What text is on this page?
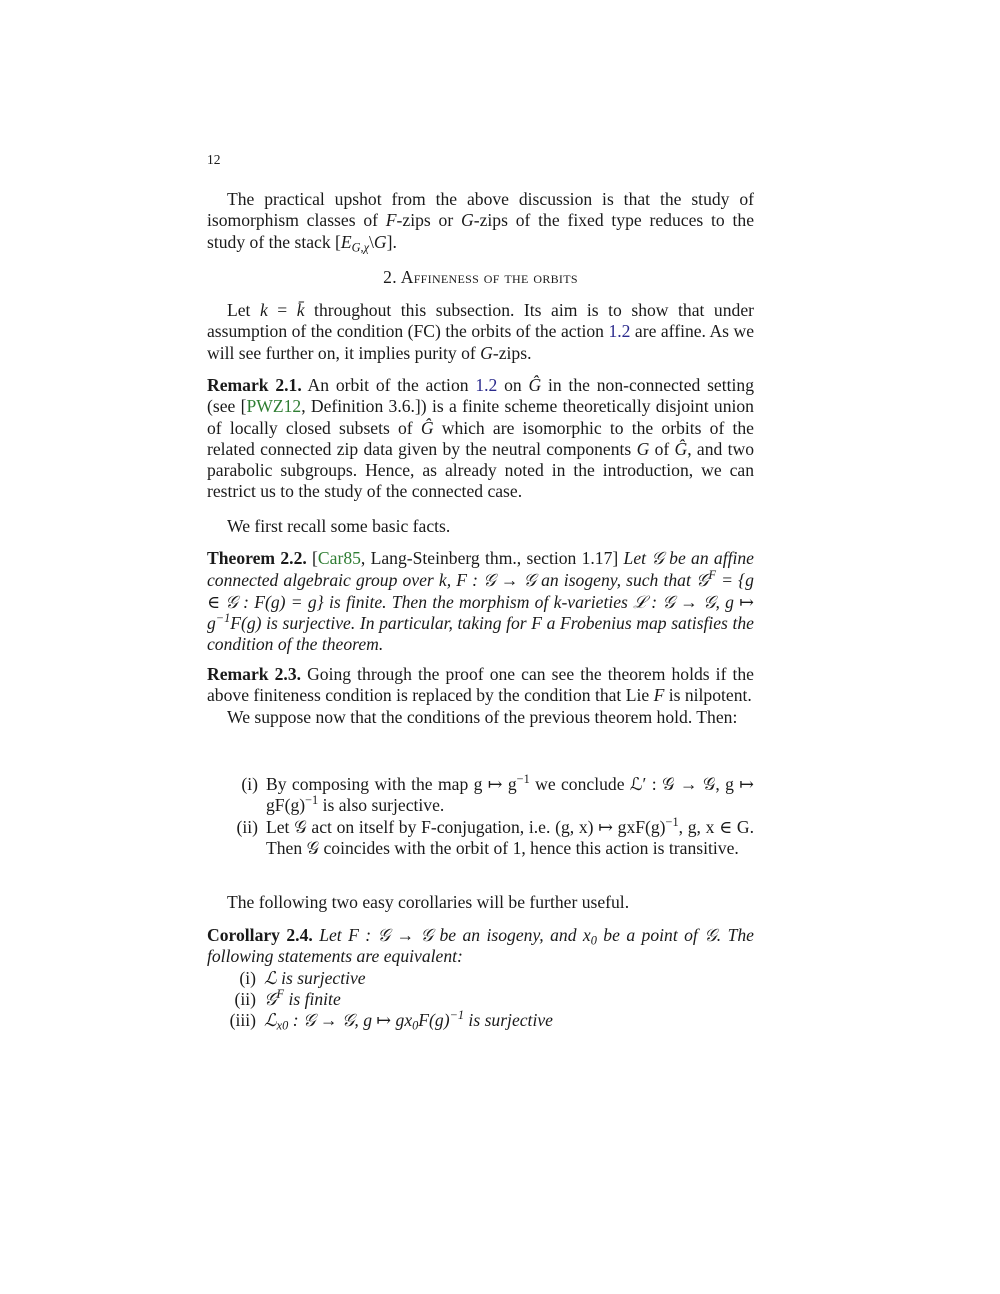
12

The practical upshot from the above discussion is that the study of isomorphism classes of F-zips or G-zips of the fixed type reduces to the study of the stack $[E_{G,\chi}\backslash G]$.

2. Affineness of the orbits

Let k = k̄ throughout this subsection. Its aim is to show that under assumption of the condition (FC) the orbits of the action 1.2 are affine. As we will see further on, it implies purity of G-zips.

Remark 2.1. An orbit of the action 1.2 on Ĝ in the non-connected setting (see [PWZ12, Definition 3.6.]) is a finite scheme theoretically disjoint union of locally closed subsets of Ĝ which are isomorphic to the orbits of the related connected zip data given by the neutral components G of Ĝ, and two parabolic subgroups. Hence, as already noted in the introduction, we can restrict us to the study of the connected case.

We first recall some basic facts.

Theorem 2.2. [Car85, Lang-Steinberg thm., section 1.17] Let 𝒢 be an affine connected algebraic group over k, F : 𝒢 → 𝒢 an isogeny, such that 𝒢$^F$ = {g ∈ 𝒢 : F(g) = g} is finite. Then the morphism of k-varieties ℒ : 𝒢 → 𝒢, g ↦ $g^{-1}F(g)$ is surjective. In particular, taking for F a Frobenius map satisfies the condition of the theorem.

Remark 2.3. Going through the proof one can see the theorem holds if the above finiteness condition is replaced by the condition that Lie F is nilpotent.

We suppose now that the conditions of the previous theorem hold. Then:

(i) By composing with the map g ↦ $g^{-1}$ we conclude ℒ′ : 𝒢 → 𝒢, g ↦ $gF(g)^{-1}$ is also surjective.
(ii) Let 𝒢 act on itself by F-conjugation, i.e. (g, x) ↦ $gxF(g)^{-1}$, g, x ∈ G. Then 𝒢 coincides with the orbit of 1, hence this action is transitive.

The following two easy corollaries will be further useful.

Corollary 2.4. Let F : 𝒢 → 𝒢 be an isogeny, and $x_0$ be a point of 𝒢. The following statements are equivalent:

(i) ℒ is surjective
(ii) 𝒢$^F$ is finite
(iii) ℒ$_{x0}$ : 𝒢 → 𝒢, g ↦ $gx_0F(g)^{-1}$ is surjective
